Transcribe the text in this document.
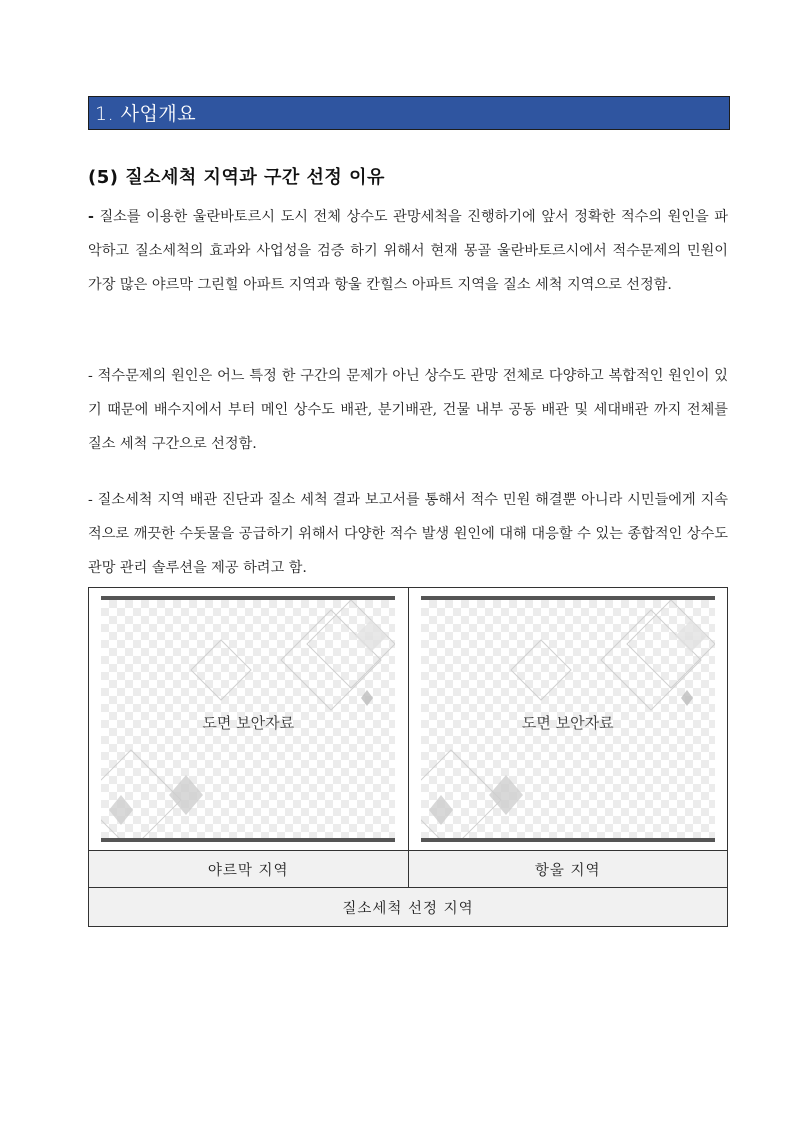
1. 사업개요
(5) 질소세척 지역과 구간 선정 이유
- 질소를 이용한 울란바토르시 도시 전체 상수도 관망세척을 진행하기에 앞서 정확한 적수의 원인을 파악하고 질소세척의 효과와 사업성을 검증 하기 위해서 현재 몽골 울란바토르시에서 적수문제의 민원이 가장 많은 야르막 그린힐 아파트 지역과 항울 칸힐스 아파트 지역을 질소 세척 지역으로 선정함.
- 적수문제의 원인은 어느 특정 한 구간의 문제가 아닌 상수도 관망 전체로 다양하고 복합적인 원인이 있기 때문에 배수지에서 부터 메인 상수도 배관, 분기배관, 건물 내부 공동 배관 및 세대배관 까지 전체를 질소 세척 구간으로 선정함.
- 질소세척 지역 배관 진단과 질소 세척 결과 보고서를 통해서 적수 민원 해결뿐 아니라 시민들에게 지속적으로 깨끗한 수돗물을 공급하기 위해서 다양한 적수 발생 원인에 대해 대응할 수 있는 종합적인 상수도 관망 관리 솔루션을 제공 하려고 함.
도면 보안자료	도면 보안자료

야르막 지역	항울 지역
질소세척 선정 지역	
